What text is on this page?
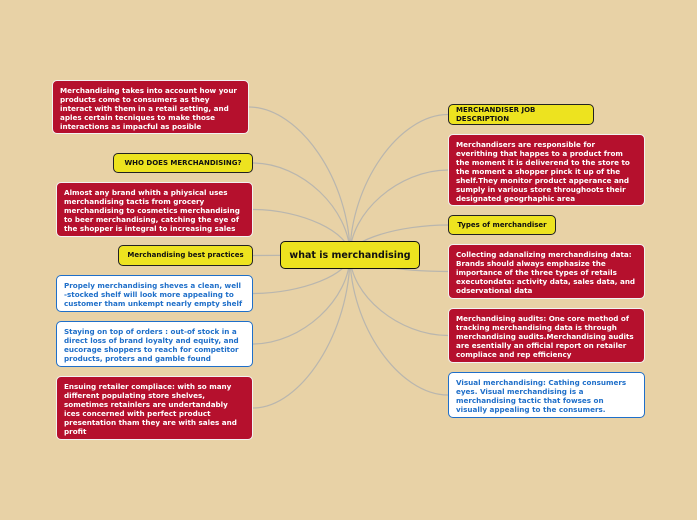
what is merchandising
Merchandising takes into account how your products come to consumers as they interact with them in a retail setting, and aples certain tecniques to make those interactions as impacful as posible
WHO DOES MERCHANDISING?
Almost any brand whith a phiysical uses merchandising tactis from grocery merchandising to cosmetics merchandising to beer merchandising, catching the eye of the shopper is integral to increasing sales
Merchandising best practices
Propely merchandising sheves a clean, well -stocked shelf will look more appealing to customer tham unkempt nearly empty shelf
Staying on top of orders : out-of stock in a direct loss of brand loyalty and equity, and eucorage shoppers to reach for competitor products, proters and gamble found
Ensuing retailer compliace: with so many different populating store shelves, sometimes retainlers are undertandably ices concerned with perfect product presentation tham they are with sales and profit
MERCHANDISER JOB DESCRIPTION
Merchandisers are responsible for everithing that happes to a product from the moment it is deliverend to the store to the moment a shopper pinck it up of the shelf.They monitor product apperance and sumply in various store throughoots their designated geogrhaphic area
Types of merchandiser
Collecting adanalizing merchandising data: Brands should always emphasize the importance of the three types of retails executondata: activity data, sales data, and odservational data
Merchandising audits: One core method of tracking merchandising data is through merchandising audits.Merchandising audits are esentially an official report on retailer compliace and rep efficiency
Visual merchandising: Cathing consumers eyes. Visual merchandising is a merchandising tactic that fowses on visually appealing to the consumers.
